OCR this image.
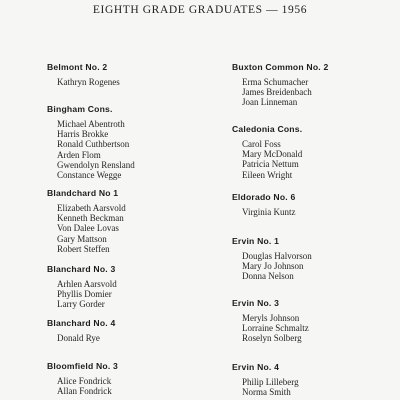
EIGHTH GRADE GRADUATES — 1956
Belmont No. 2
Kathryn Rogenes
Bingham Cons.
Michael Abentroth
Harris Brokke
Ronald Cuthbertson
Arden Flom
Gwendolyn Rensland
Constance Wegge
Blandchard No 1
Elizabeth Aarsvold
Kenneth Beckman
Von Dalee Lovas
Gary Mattson
Robert Steffen
Blanchard No. 3
Arhlen Aarsvold
Phyllis Domier
Larry Gorder
Blanchard No. 4
Donald Rye
Bloomfield No. 3
Alice Fondrick
Allan Fondrick
Buxton Common No. 2
Erma Schumacher
James Breidenbach
Joan Linneman
Caledonia Cons.
Carol Foss
Mary McDonald
Patricia Nettum
Eileen Wright
Eldorado No. 6
Virginia Kuntz
Ervin No. 1
Douglas Halvorson
Mary Jo Johnson
Donna Nelson
Ervin No. 3
Meryls Johnson
Lorraine Schmaltz
Roselyn Solberg
Ervin No. 4
Philip Lilleberg
Norma Smith
